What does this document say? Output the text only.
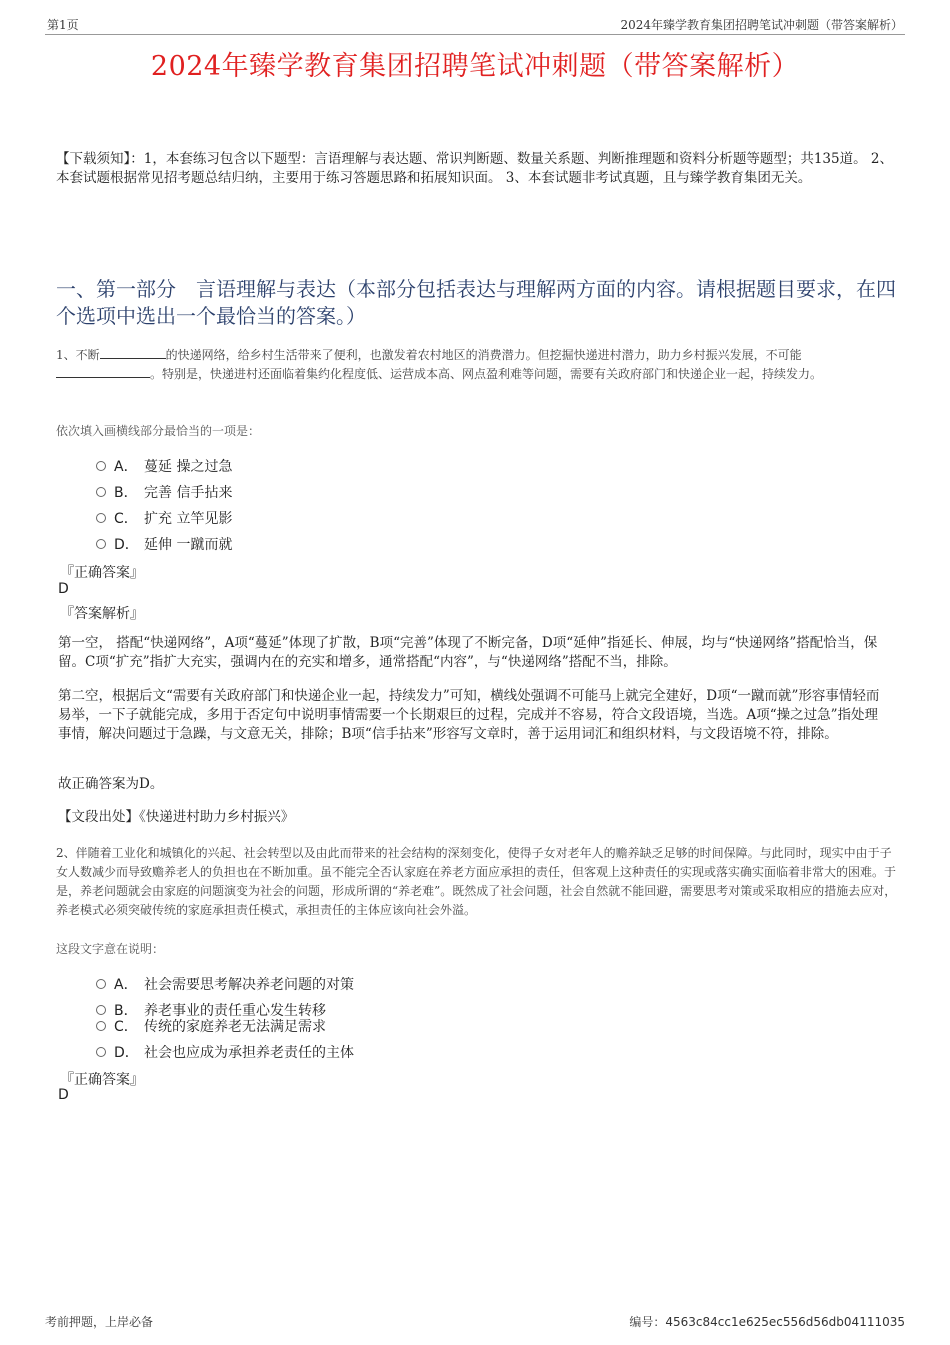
第1页	2024年臻学教育集团招聘笔试冲刺题（带答案解析）
2024年臻学教育集团招聘笔试冲刺题（带答案解析）
【下载须知】：1，本套练习包含以下题型：言语理解与表达题、常识判断题、数量关系题、判断推理题和资料分析题等题型；共135道。 2、本套试题根据常见招考题总结归纳，主要用于练习答题思路和拓展知识面。 3、本套试题非考试真题，且与臻学教育集团无关。
一、第一部分　言语理解与表达（本部分包括表达与理解两方面的内容。请根据题目要求，在四个选项中选出一个最恰当的答案。）
1、不断	的快递网络，给乡村生活带来了便利，也激发着农村地区的消费潜力。但挖掘快递进村潜力，助力乡村振兴发展，不可能
。特别是，快递进村还面临着集约化程度低、运营成本高、网点盈利难等问题，需要有关政府部门和快递企业一起，持续发力。
依次填入画横线部分最恰当的一项是：
A． 蔓延 操之过急
B． 完善 信手拈来
C． 扩充 立竿见影
D． 延伸 一蹴而就
『正确答案』
D
『答案解析』
第一空， 搭配“快递网络”，A项“蔓延”体现了扩散，B项“完善”体现了不断完备，D项“延伸”指延长、伸展，均与“快递网络”搭配恰当，保留。C项“扩充”指扩大充实，强调内在的充实和增多，通常搭配“内容”，与“快递网络”搭配不当，排除。
第二空，根据后文“需要有关政府部门和快递企业一起，持续发力”可知，横线处强调不可能马上就完全建好，D项“一蹴而就”形容事情轻而易举，一下子就能完成，多用于否定句中说明事情需要一个长期艰巨的过程，完成并不容易，符合文段语境，当选。A项“操之过急”指处理事情，解决问题过于急躁，与文意无关，排除；B项“信手拈来”形容写文章时，善于运用词汇和组织材料，与文段语境不符，排除。
故正确答案为D。
【文段出处】《快递进村助力乡村振兴》
2、伴随着工业化和城镇化的兴起、社会转型以及由此而带来的社会结构的深刻变化，使得子女对老年人的赡养缺乏足够的时间保障。与此同时，现实中由于子女人数减少而导致赡养老人的负担也在不断加重。虽不能完全否认家庭在养老方面应承担的责任，但客观上这种责任的实现或落实确实面临着非常大的困难。于是，养老问题就会由家庭的问题演变为社会的问题，形成所谓的“养老难”。既然成了社会问题，社会自然就不能回避，需要思考对策或采取相应的措施去应对，养老模式必须突破传统的家庭承担责任模式，承担责任的主体应该向社会外溢。
这段文字意在说明：
A． 社会需要思考解决养老问题的对策
B． 养老事业的责任重心发生转移
C． 传统的家庭养老无法满足需求
D． 社会也应成为承担养老责任的主体
『正确答案』
D
考前押题，上岸必备	编号：4563c84cc1e625ec556d56db04111035
